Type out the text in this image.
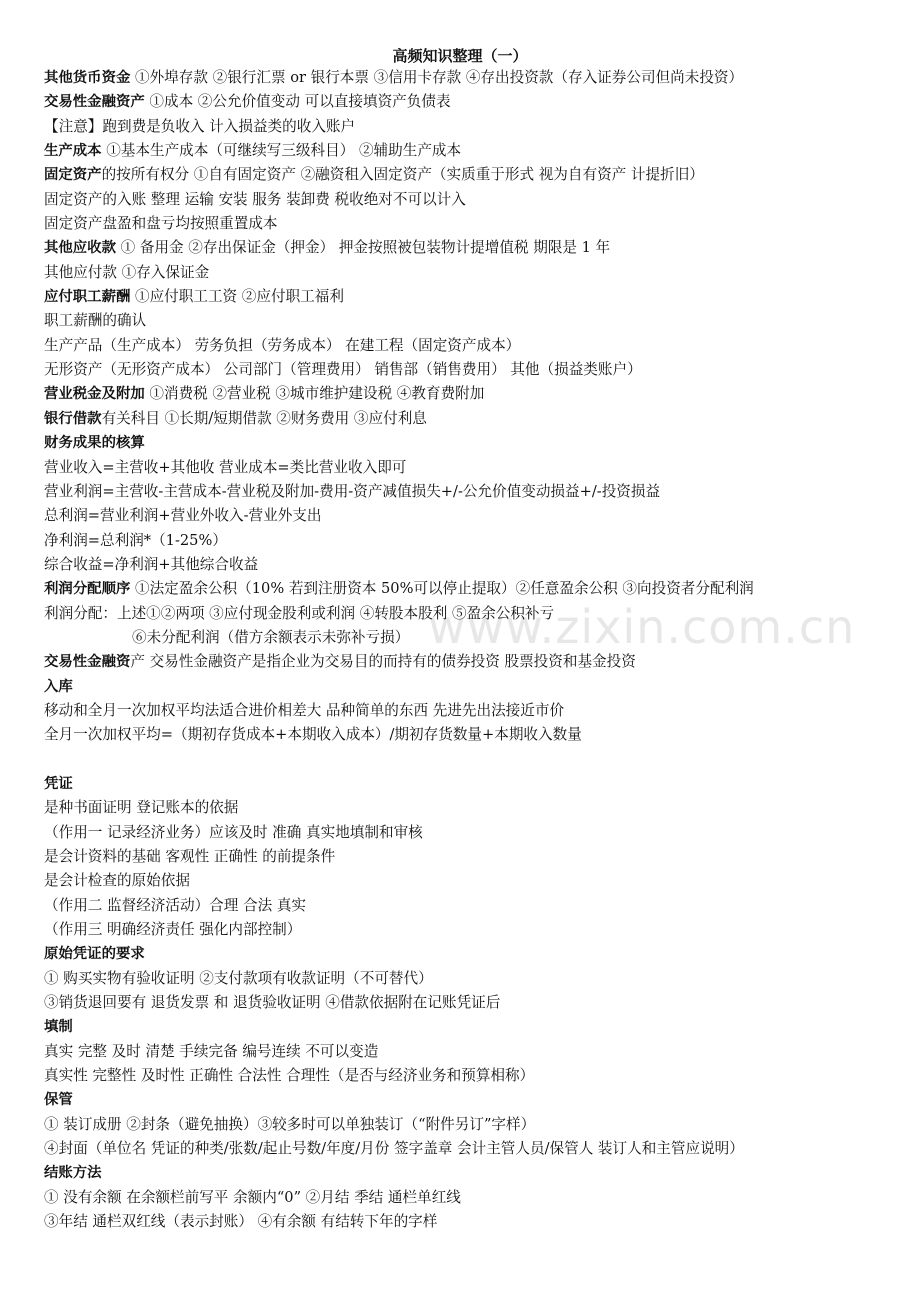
高频知识整理（一）
www.zixin.com.cn
其他货币资金 ①外埠存款 ②银行汇票 or 银行本票 ③信用卡存款 ④存出投资款（存入证券公司但尚未投资）
交易性金融资产 ①成本 ②公允价值变动 可以直接填资产负债表
【注意】跑到费是负收入 计入损益类的收入账户
生产成本 ①基本生产成本（可继续写三级科目） ②辅助生产成本
固定资产的按所有权分 ①自有固定资产 ②融资租入固定资产（实质重于形式 视为自有资产 计提折旧）
固定资产的入账 整理 运输 安装 服务 装卸费 税收绝对不可以计入
固定资产盘盈和盘亏均按照重置成本
其他应收款 ① 备用金 ②存出保证金（押金） 押金按照被包装物计提增值税 期限是 1 年
其他应付款 ①存入保证金
应付职工薪酬 ①应付职工工资 ②应付职工福利
职工薪酬的确认
生产产品（生产成本） 劳务负担（劳务成本） 在建工程（固定资产成本）
无形资产（无形资产成本） 公司部门（管理费用） 销售部（销售费用） 其他（损益类账户）
营业税金及附加 ①消费税 ②营业税 ③城市维护建设税 ④教育费附加
银行借款有关科目 ①长期/短期借款 ②财务费用 ③应付利息
财务成果的核算
营业收入=主营收+其他收 营业成本=类比营业收入即可
营业利润=主营收-主营成本-营业税及附加-费用-资产减值损失+/-公允价值变动损益+/-投资损益
总利润=营业利润+营业外收入-营业外支出
净利润=总利润*（1-25%）
综合收益=净利润+其他综合收益
利润分配顺序 ①法定盈余公积（10% 若到注册资本 50%可以停止提取）②任意盈余公积 ③向投资者分配利润
利润分配：上述①②两项 ③应付现金股利或利润 ④转股本股利 ⑤盈余公积补亏
⑥未分配利润（借方余额表示未弥补亏损）
交易性金融资产 交易性金融资产是指企业为交易目的而持有的债券投资 股票投资和基金投资
入库
移动和全月一次加权平均法适合进价相差大 品种简单的东西 先进先出法接近市价
全月一次加权平均=（期初存货成本+本期收入成本）/期初存货数量+本期收入数量
凭证
是种书面证明 登记账本的依据
（作用一 记录经济业务）应该及时 准确 真实地填制和审核
是会计资料的基础 客观性 正确性 的前提条件
是会计检查的原始依据
（作用二 监督经济活动）合理 合法 真实
（作用三 明确经济责任 强化内部控制）
原始凭证的要求
① 购买实物有验收证明 ②支付款项有收款证明（不可替代）
③销货退回要有 退货发票 和 退货验收证明 ④借款依据附在记账凭证后
填制
真实 完整 及时 清楚 手续完备 编号连续 不可以变造
真实性 完整性 及时性 正确性 合法性 合理性（是否与经济业务和预算相称）
保管
① 装订成册 ②封条（避免抽换）③较多时可以单独装订（“附件另订”字样）
④封面（单位名 凭证的种类/张数/起止号数/年度/月份 签字盖章 会计主管人员/保管人 装订人和主管应说明）
结账方法
① 没有余额 在余额栏前写平 余额内“0” ②月结 季结 通栏单红线
③年结 通栏双红线（表示封账） ④有余额 有结转下年的字样
